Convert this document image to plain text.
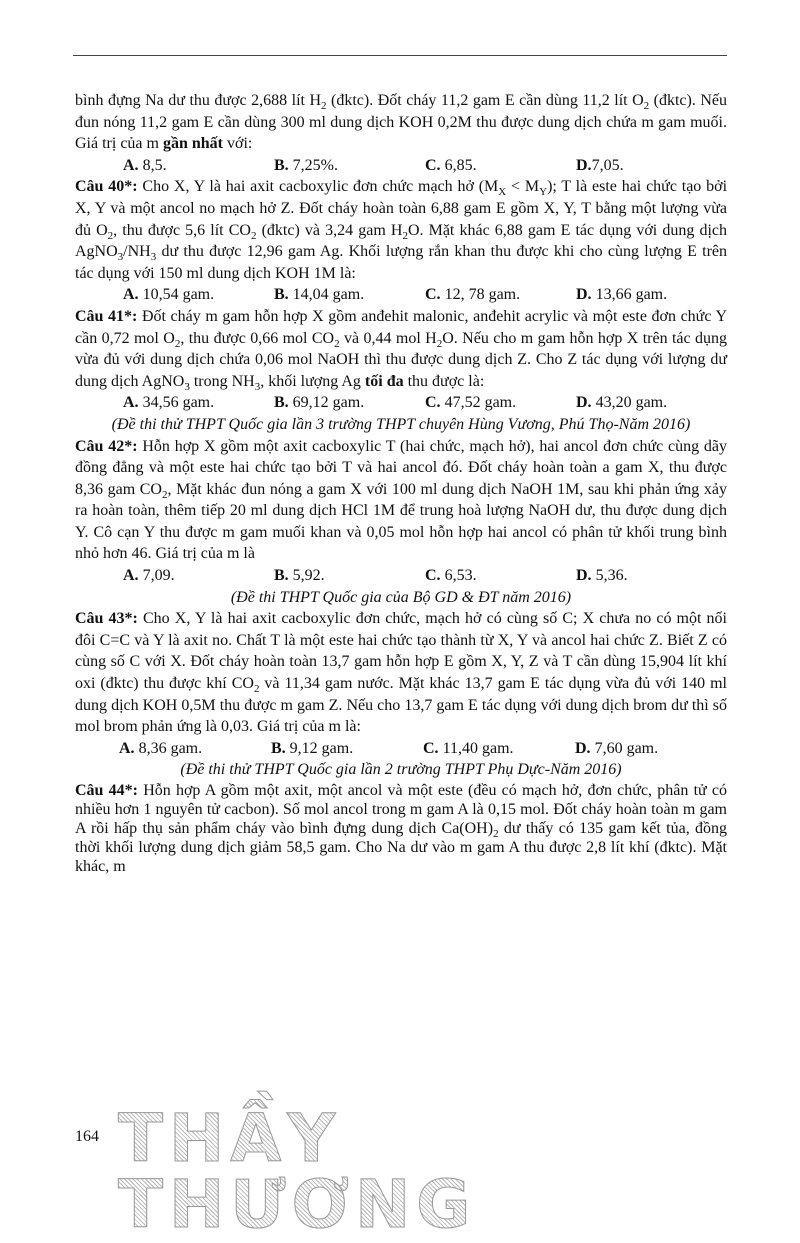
bình đựng Na dư thu được 2,688 lít $H_2$ (đktc). Đốt cháy 11,2 gam E cần dùng 11,2 lít $O_2$ (đktc). Nếu đun nóng 11,2 gam E cần dùng 300 ml dung dịch KOH 0,2M thu được dung dịch chứa m gam muối. Giá trị của m gần nhất với:

A. 8,5.	B. 7,25%.	C. 6,85.	D.7,05.

Câu 40*: Cho X, Y là hai axit cacboxylic đơn chức mạch hở $(M_X < M_Y)$; T là este hai chức tạo bởi X, Y và một ancol no mạch hở Z. Đốt cháy hoàn toàn 6,88 gam E gồm X, Y, T bằng một lượng vừa đủ $O_2$, thu được 5,6 lít $CO_2$ (đktc) và 3,24 gam $H_2O$. Mặt khác 6,88 gam E tác dụng với dung dịch $AgNO_3/NH_3$ dư thu được 12,96 gam Ag. Khối lượng rắn khan thu được khi cho cùng lượng E trên tác dụng với 150 ml dung dịch KOH 1M là:

A. 10,54 gam.	B. 14,04 gam.	C. 12, 78 gam.	D. 13,66 gam.

Câu 41*: Đốt cháy m gam hỗn hợp X gồm anđehit malonic, anđehit acrylic và một este đơn chức Y cần 0,72 mol $O_2$, thu được 0,66 mol $CO_2$ và 0,44 mol $H_2O$. Nếu cho m gam hỗn hợp X trên tác dụng vừa đủ với dung dịch chứa 0,06 mol NaOH thì thu được dung dịch Z. Cho Z tác dụng với lượng dư dung dịch AgNO$_3$ trong $NH_3$, khối lượng Ag tối đa thu được là:

A. 34,56 gam.	B. 69,12 gam.	C. 47,52 gam.	D. 43,20 gam.

(Đề thi thử THPT Quốc gia lần 3 trường THPT chuyên Hùng Vương, Phú Thọ-Năm 2016)

Câu 42*: Hỗn hợp X gồm một axit cacboxylic T (hai chức, mạch hở), hai ancol đơn chức cùng dãy đồng đẳng và một este hai chức tạo bởi T và hai ancol đó. Đốt cháy hoàn toàn a gam X, thu được 8,36 gam $CO_2$, Mặt khác đun nóng a gam X với 100 ml dung dịch NaOH 1M, sau khi phản ứng xảy ra hoàn toàn, thêm tiếp 20 ml dung dịch HCl 1M để trung hoà lượng NaOH dư, thu được dung dịch Y. Cô cạn Y thu được m gam muối khan và 0,05 mol hỗn hợp hai ancol có phân tử khối trung bình nhỏ hơn 46. Giá trị của m là

A. 7,09.	B. 5,92.	C. 6,53.	D. 5,36.

(Đề thi THPT Quốc gia của Bộ GD & ĐT năm 2016)

Câu 43*: Cho X, Y là hai axit cacboxylic đơn chức, mạch hở có cùng số C; X chưa no có một nối đôi C=C và Y là axit no. Chất T là một este hai chức tạo thành từ X, Y và ancol hai chức Z. Biết Z có cùng số C với X. Đốt cháy hoàn toàn 13,7 gam hỗn hợp E gồm X, Y, Z và T cần dùng 15,904 lít khí oxi (đktc) thu được khí $CO_2$ và 11,34 gam nước. Mặt khác 13,7 gam E tác dụng vừa đủ với 140 ml dung dịch KOH 0,5M thu được m gam Z. Nếu cho 13,7 gam E tác dụng với dung dịch brom dư thì số mol brom phản ứng là 0,03. Giá trị của m là:

A. 8,36 gam.	B. 9,12 gam.	C. 11,40 gam.	D. 7,60 gam.

(Đề thi thử THPT Quốc gia lần 2 trường THPT Phụ Dực-Năm 2016)

Câu 44*: Hỗn hợp A gồm một axit, một ancol và một este (đều có mạch hở, đơn chức, phân tử có nhiều hơn 1 nguyên tử cacbon). Số mol ancol trong m gam A là 0,15 mol. Đốt cháy hoàn toàn m gam A rồi hấp thụ sản phẩm cháy vào bình đựng dung dịch $Ca(OH)_2$ dư thấy có 135 gam kết tủa, đồng thời khối lượng dung dịch giảm 58,5 gam. Cho Na dư vào m gam A thu được 2,8 lít khí (đktc). Mặt khác, m

164 THẦY THƯƠNG
